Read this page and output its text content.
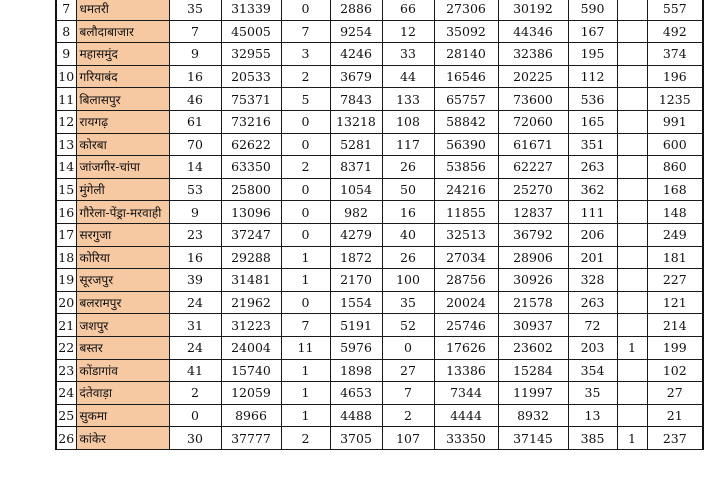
7	धमतरी	35	31339	0	2886	66	27306	30192	590		557
8	बलौदाबाजार	7	45005	7	9254	12	35092	44346	167		492
9	महासमुंद	9	32955	3	4246	33	28140	32386	195		374
10	गरियाबंद	16	20533	2	3679	44	16546	20225	112		196
11	बिलासपुर	46	75371	5	7843	133	65757	73600	536		1235
12	रायगढ़	61	73216	0	13218	108	58842	72060	165		991
13	कोरबा	70	62622	0	5281	117	56390	61671	351		600
14	जांजगीर-चांपा	14	63350	2	8371	26	53856	62227	263		860
15	मुंगेली	53	25800	0	1054	50	24216	25270	362		168
16	गौरेला-पेंड्रा-मरवाही	9	13096	0	982	16	11855	12837	111		148
17	सरगुजा	23	37247	0	4279	40	32513	36792	206		249
18	कोरिया	16	29288	1	1872	26	27034	28906	201		181
19	सूरजपुर	39	31481	1	2170	100	28756	30926	328		227
20	बलरामपुर	24	21962	0	1554	35	20024	21578	263		121
21	जशपुर	31	31223	7	5191	52	25746	30937	72		214
22	बस्तर	24	24004	11	5976	0	17626	23602	203	1	199
23	कोंडागांव	41	15740	1	1898	27	13386	15284	354		102
24	दंतेवाड़ा	2	12059	1	4653	7	7344	11997	35		27
25	सुकमा	0	8966	1	4488	2	4444	8932	13		21
26	कांकेर	30	37777	2	3705	107	33350	37145	385	1	237
